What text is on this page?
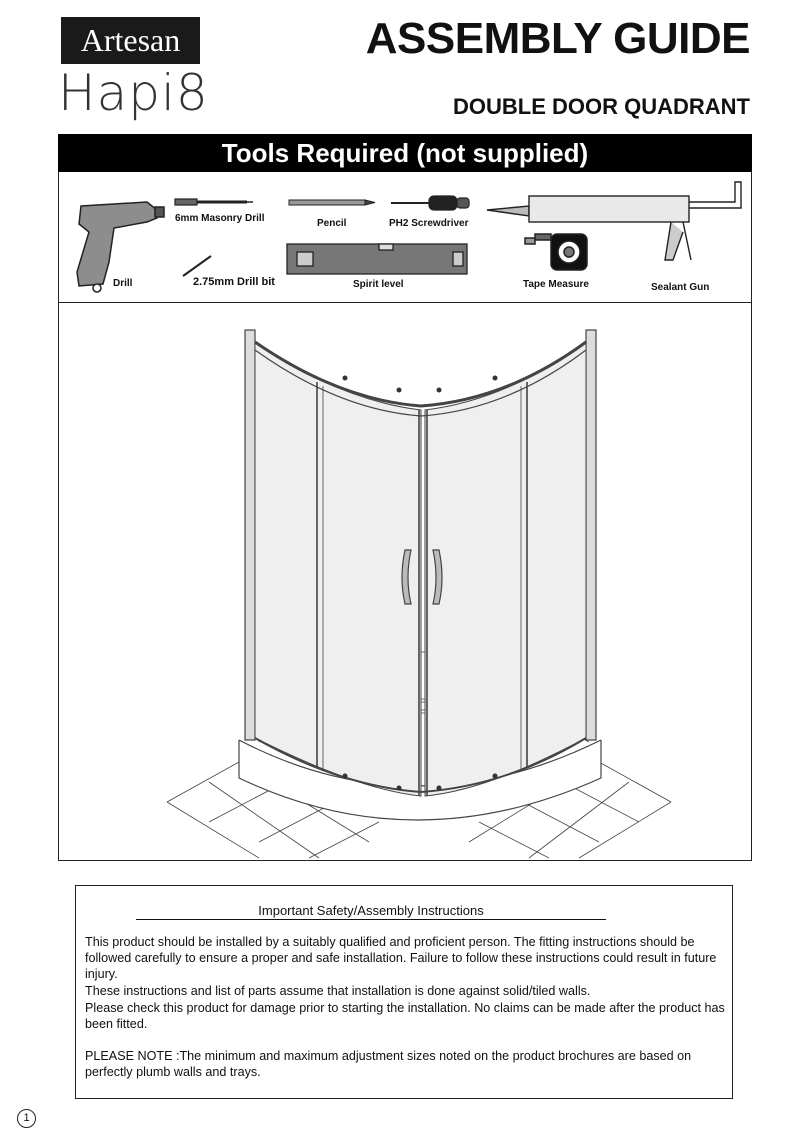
Artesan
Hapi8
ASSEMBLY GUIDE
DOUBLE DOOR QUADRANT
Tools Required (not supplied)
6mm Masonry Drill	Pencil	PH2 Screwdriver
Drill	2.75mm Drill bit	Spirit level	Tape Measure	Sealant Gun
Important Safety/Assembly Instructions
This product should be installed by a suitably qualified and proficient person. The fitting instructions should be followed carefully to ensure a proper and safe installation. Failure to follow these instructions could result in future injury.
These instructions and list of parts assume that installation is done against solid/tiled walls.
Please check this product for damage prior to starting the installation. No claims can be made after the product has been fitted.
PLEASE NOTE :The minimum and maximum adjustment sizes noted on the product brochures are based on perfectly plumb walls and trays.
1
